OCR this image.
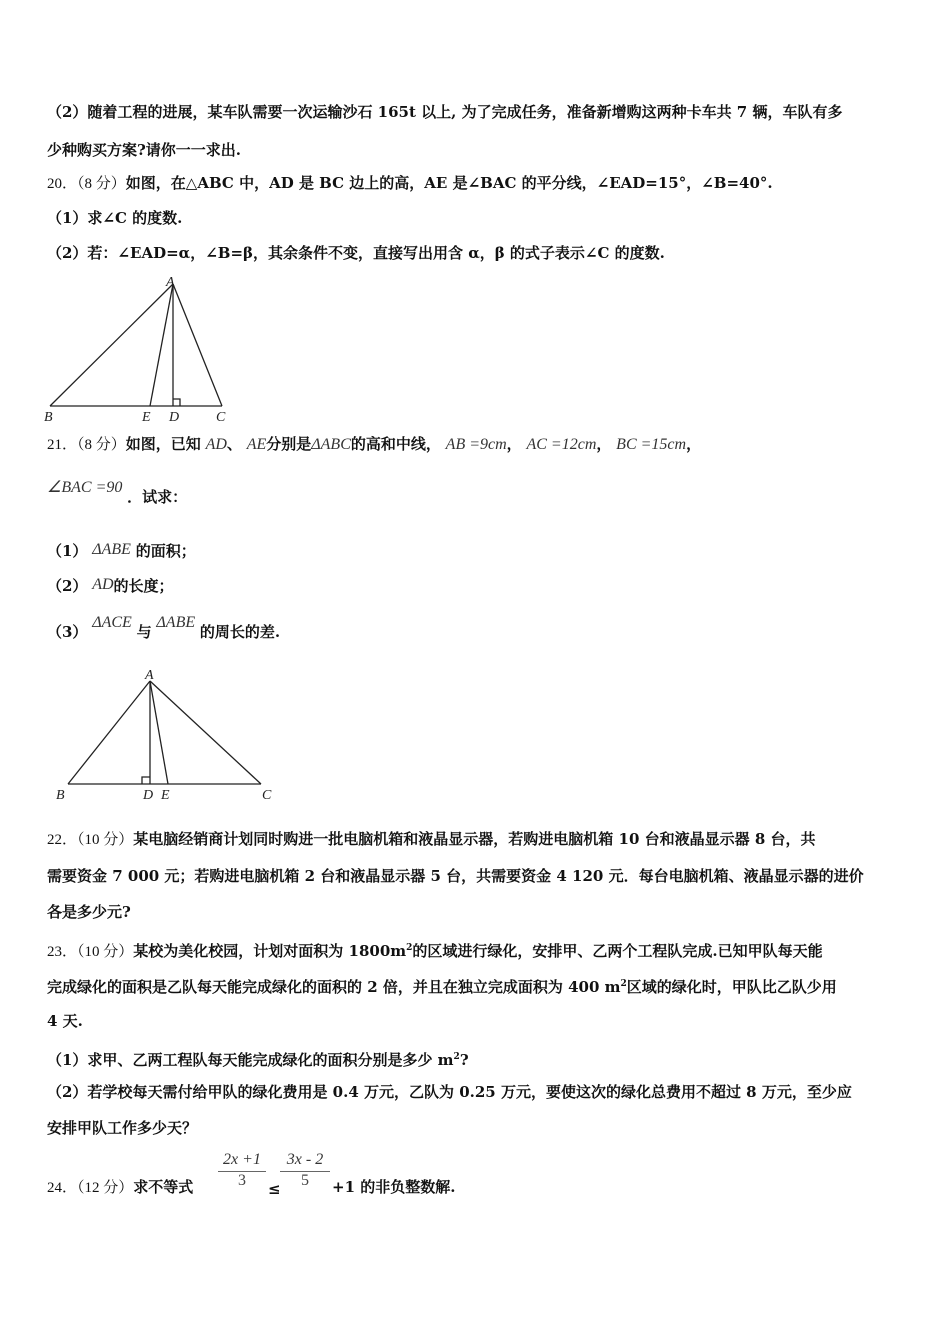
（2）随着工程的进展，某车队需要一次运输沙石 165t 以上, 为了完成任务，准备新增购这两种卡车共 7 辆，车队有多
少种购买方案?请你一一求出.
20．（8 分）如图，在△ABC 中，AD 是 BC 边上的高，AE 是∠BAC 的平分线，∠EAD=15°，∠B=40°.
（1）求∠C 的度数.
（2）若：∠EAD=α，∠B=β，其余条件不变，直接写出用含 α，β 的式子表示∠C 的度数.
A
B	E D	C
21．（8 分）如图，已知 AD、 AE分别是ΔABC的高和中线， AB =9cm， AC =12cm， BC =15cm，
∠BAC =90 ．试求：
（1） ΔABE 的面积；
（2） AD的长度；
（3） ΔACE 与 ΔABE 的周长的差.
A
B	D E	C
22．（10 分）某电脑经销商计划同时购进一批电脑机箱和液晶显示器，若购进电脑机箱 10 台和液晶显示器 8 台，共
需要资金 7 000 元；若购进电脑机箱 2 台和液晶显示器 5 台，共需要资金 4 120 元．每台电脑机箱、液晶显示器的进价
各是多少元?
23．（10 分）某校为美化校园，计划对面积为 $1800m^2$的区域进行绿化，安排甲、乙两个工程队完成.已知甲队每天能
完成绿化的面积是乙队每天能完成绿化的面积的 2 倍，并且在独立完成面积为 400 $m^2$区域的绿化时，甲队比乙队少用
4 天.
（1）求甲、乙两工程队每天能完成绿化的面积分别是多少 $m^2$?
（2）若学校每天需付给甲队的绿化费用是 0.4 万元，乙队为 0.25 万元，要使这次的绿化总费用不超过 8 万元，至少应
安排甲队工作多少天？
24．（12 分）求不等式
2x +1
3	≤
3x - 2
5	+1 的非负整数解.
